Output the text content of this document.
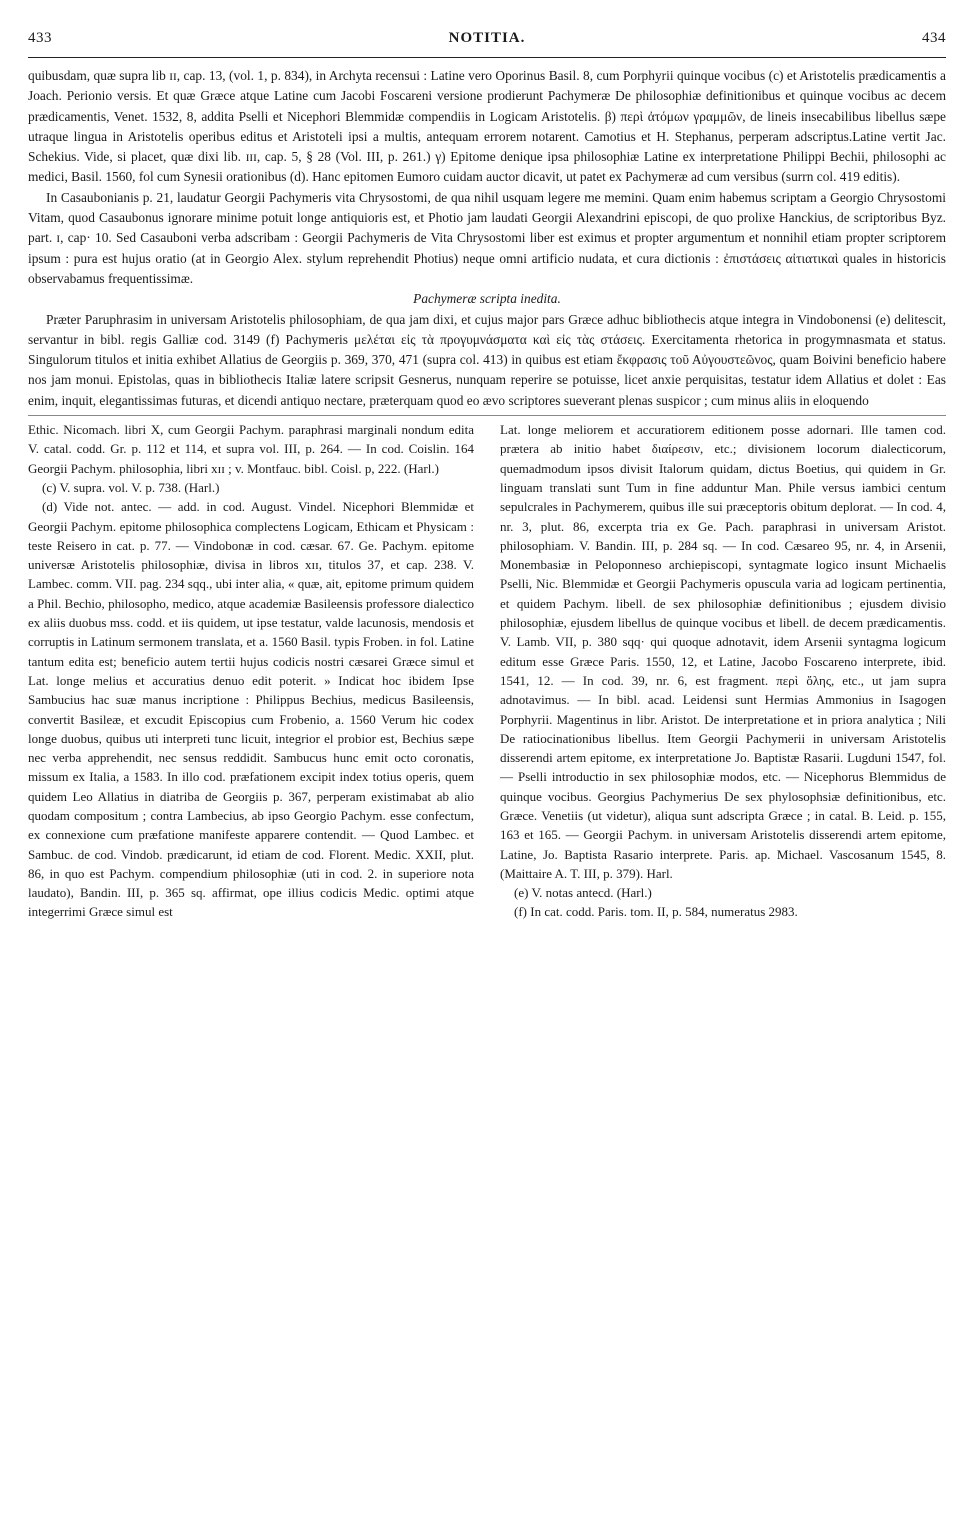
433	NOTITIA.	434

quibusdam, quæ supra lib ɪɪ, cap. 13, (vol. 1, p. 834), in Archyta recensui : Latine vero Oporinus Basil. 8, cum Porphyrii quinque vocibus (c) et Aristotelis prædicamentis a Joach. Perionio versis. Et quæ Græce atque Latine cum Jacobi Foscareni versione prodierunt Pachymeræ De philosophiæ definitionibus et quinque vocibus ac decem prædicamentis, Venet. 1532, 8, addita Pselli et Nicephori Blemmidæ compendiis in Logicam Aristotelis. β) περὶ ἀτόμων γραμμῶν, de lineis insecabilibus libellus sæpe utraque lingua in Aristotelis operibus editus et Aristoteli ipsi a multis, antequam errorem notarent. Camotius et H. Stephanus, perperam adscriptus.Latine vertit Jac. Schekius. Vide, si placet, quæ dixi lib. ɪɪɪ, cap. 5, § 28 (Vol. III, p. 261.) γ) Epitome denique ipsa philosophiæ Latine ex interpretatione Philippi Bechii, philosophi ac medici, Basil. 1560, fol cum Synesii orationibus (d). Hanc epitomen Eumoro cuidam auctor dicavit, ut patet ex Pachymeræ ad cum versibus (surrn col. 419 editis).

In Casaubonianis p. 21, laudatur Georgii Pachymeris vita Chrysostomi, de qua nihil usquam legere me memini. Quam enim habemus scriptam a Georgio Chrysostomi Vitam, quod Casaubonus ignorare minime potuit longe antiquioris est, et Photio jam laudati Georgii Alexandrini episcopi, de quo prolixe Hanckius, de scriptoribus Byz. part. ɪ, cap· 10. Sed Casauboni verba adscribam : Georgii Pachymeris de Vita Chrysostomi liber est eximus et propter argumentum et nonnihil etiam propter scriptorem ipsum : pura est hujus oratio (at in Georgio Alex. stylum reprehendit Photius) neque omni artificio nudata, et cura dictionis : ἐπιστάσεις αἰτιατικαὶ quales in historicis observabamus frequentissimæ.

Pachymeræ scripta inedita.

Præter Paruphrasim in universam Aristotelis philosophiam, de qua jam dixi, et cujus major pars Græce adhuc bibliothecis atque integra in Vindobonensi (e) delitescit, servantur in bibl. regis Galliæ cod. 3149 (f) Pachymeris μελέται εἰς τὰ προγυμνάσματα καὶ εἰς τὰς στάσεις. Exercitamenta rhetorica in progymnasmata et status. Singulorum titulos et initia exhibet Allatius de Georgiis p. 369, 370, 471 (supra col. 413) in quibus est etiam ἔκφρασις τοῦ Αὐγουστεῶνος, quam Boivini beneficio habere nos jam monui. Epistolas, quas in bibliothecis Italiæ latere scripsit Gesnerus, nunquam reperire se potuisse, licet anxie perquisitas, testatur idem Allatius et dolet : Eas enim, inquit, elegantissimas futuras, et dicendi antiquo nectare, præterquam quod eo ævo scriptores sueverant plenas suspicor ; cum minus aliis in eloquendo

Ethic. Nicomach. libri X, cum Georgii Pachym. paraphrasi marginali nondum edita V. catal. codd. Gr. p. 112 et 114, et supra vol. III, p. 264. — In cod. Coislin. 164 Georgii Pachym. philosophia, libri xɪɪ ; v. Montfauc. bibl. Coisl. p, 222. (Harl.)

(c) V. supra. vol. V. p. 738. (Harl.)

(d) Vide not. antec. — add. in cod. August. Vindel. Nicephori Blemmidæ et Georgii Pachym. epitome philosophica complectens Logicam, Ethicam et Physicam : teste Reisero in cat. p. 77. — Vindobonæ in cod. cæsar. 67. Ge. Pachym. epitome universæ Aristotelis philosophiæ, divisa in libros xɪɪ, titulos 37, et cap. 238. V. Lambec. comm. VII. pag. 234 sqq., ubi inter alia, « quæ, ait, epitome primum quidem a Phil. Bechio, philosopho, medico, atque academiæ Basileensis professore dialectico ex aliis duobus mss. codd. et iis quidem, ut ipse testatur, valde lacunosis, mendosis et corruptis in Latinum sermonem translata, et a. 1560 Basil. typis Froben. in fol. Latine tantum edita est; beneficio autem tertii hujus codicis nostri cæsarei Græce simul et Lat. longe melius et accuratius denuo edit poterit. » Indicat hoc ibidem Ipse Sambucius hac suæ manus incriptione : Philippus Bechius, medicus Basileensis, convertit Basileæ, et excudit Episcopius cum Frobenio, a. 1560 Verum hic codex longe duobus, quibus uti interpreti tunc licuit, integrior el probior est, Bechius sæpe nec verba apprehendit, nec sensus reddidit. Sambucus hunc emit octo coronatis, missum ex Italia, a 1583. In illo cod. præfationem excipit index totius operis, quem quidem Leo Allatius in diatriba de Georgiis p. 367, perperam existimabat ab alio quodam compositum ; contra Lambecius, ab ipso Georgio Pachym. esse confectum, ex connexione cum præfatione manifeste apparere contendit. — Quod Lambec. et Sambuc. de cod. Vindob. prædicarunt, id etiam de cod. Florent. Medic. XXII, plut. 86, in quo est Pachym. compendium philosophiæ (uti in cod. 2. in superiore nota laudato), Bandin. III, p. 365 sq. affirmat, ope illius codicis Medic. optimi atque integerrimi Græce simul est

Lat. longe meliorem et accuratiorem editionem posse adornari. Ille tamen cod. prætera ab initio habet διαίρεσιν, etc.; divisionem locorum dialecticorum, quemadmodum ipsos divisit Italorum quidam, dictus Boetius, qui quidem in Gr. linguam translati sunt Tum in fine adduntur Man. Phile versus iambici centum sepulcrales in Pachymerem, quibus ille sui præceptoris obitum deplorat. — In cod. 4, nr. 3, plut. 86, excerpta tria ex Ge. Pach. paraphrasi in universam Aristot. philosophiam. V. Bandin. III, p. 284 sq. — In cod. Cæsareo 95, nr. 4, in Arsenii, Monembasiæ in Peloponneso archiepiscopi, syntagmate logico insunt Michaelis Pselli, Nic. Blemmidæ et Georgii Pachymeris opuscula varia ad logicam pertinentia, et quidem Pachym. libell. de sex philosophiæ definitionibus ; ejusdem divisio philosophiæ, ejusdem libellus de quinque vocibus et libell. de decem prædicamentis. V. Lamb. VII, p. 380 sqq· qui quoque adnotavit, idem Arsenii syntagma logicum editum esse Græce Paris. 1550, 12, et Latine, Jacobo Foscareno interprete, ibid. 1541, 12. — In cod. 39, nr. 6, est fragment. περὶ ὅλης, etc., ut jam supra adnotavimus. — In bibl. acad. Leidensi sunt Hermias Ammonius in Isagogen Porphyrii. Magentinus in libr. Aristot. De interpretatione et in priora analytica ; Nili De ratiocinationibus libellus. Item Georgii Pachymerii in universam Aristotelis disserendi artem epitome, ex interpretatione Jo. Baptistæ Rasarii. Lugduni 1547, fol. — Pselli introductio in sex philosophiæ modos, etc. — Nicephorus Blemmidus de quinque vocibus. Georgius Pachymerius De sex phylosophsiæ definitionibus, etc. Græce. Venetiis (ut videtur), aliqua sunt adscripta Græce ; in catal. B. Leid. p. 155, 163 et 165. — Georgii Pachym. in universam Aristotelis disserendi artem epitome, Latine, Jo. Baptista Rasario interprete. Paris. ap. Michael. Vascosanum 1545, 8. (Maittaire A. T. III, p. 379). Harl.

(e) V. notas antecd. (Harl.)

(f) In cat. codd. Paris. tom. II, p. 584, numeratus 2983.
